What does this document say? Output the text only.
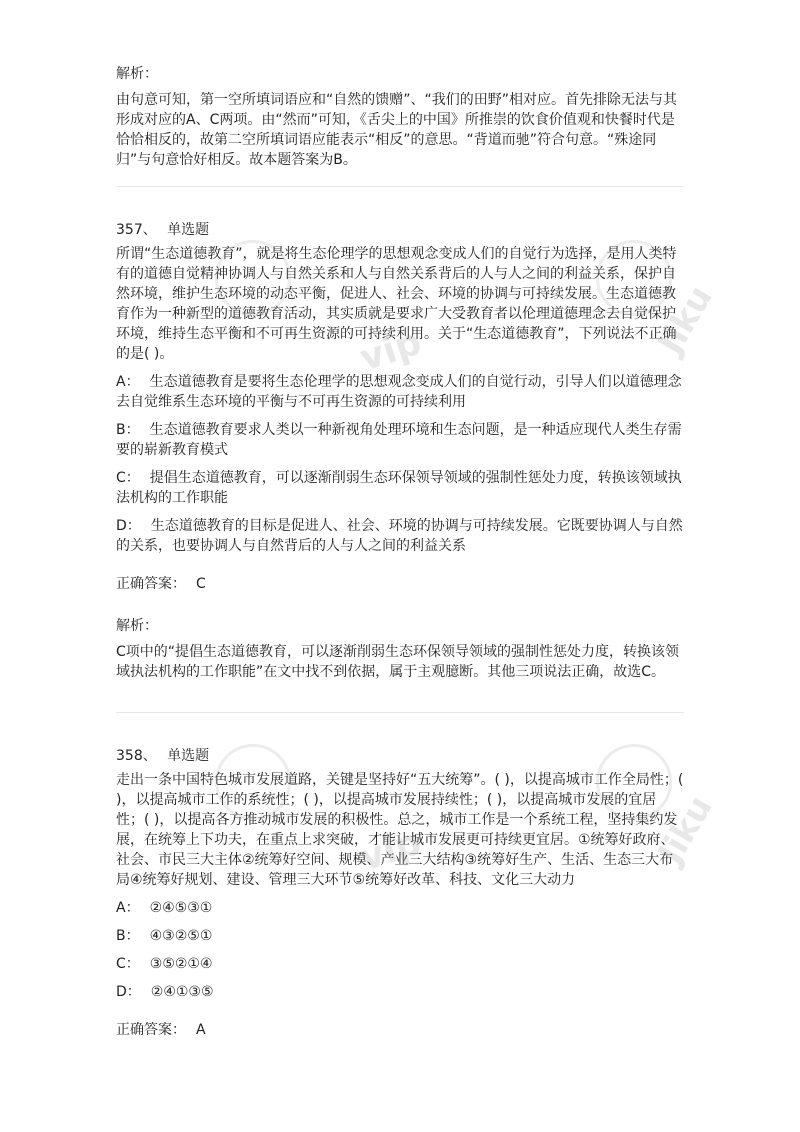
解析：

由句意可知，第一空所填词语应和“自然的馈赠”、“我们的田野”相对应。首先排除无法与其形成对应的A、C两项。由“然而”可知，《舌尖上的中国》所推崇的饮食价值观和快餐时代是恰恰相反的，故第二空所填词语应能表示“相反”的意思。“背道而驰”符合句意。“殊途同归”与句意恰好相反。故本题答案为B。

357、 单选题

所谓“生态道德教育”，就是将生态伦理学的思想观念变成人们的自觉行为选择，是用人类特有的道德自觉精神协调人与自然关系和人与自然关系背后的人与人之间的利益关系，保护自然环境，维护生态环境的动态平衡，促进人、社会、环境的协调与可持续发展。生态道德教育作为一种新型的道德教育活动，其实质就是要求广大受教育者以伦理道德理念去自觉保护环境，维持生态平衡和不可再生资源的可持续利用。关于“生态道德教育”，下列说法不正确的是( )。

A： 生态道德教育是要将生态伦理学的思想观念变成人们的自觉行动，引导人们以道德理念去自觉维系生态环境的平衡与不可再生资源的可持续利用

B： 生态道德教育要求人类以一种新视角处理环境和生态问题，是一种适应现代人类生存需要的崭新教育模式

C： 提倡生态道德教育，可以逐渐削弱生态环保领导领域的强制性惩处力度，转换该领域执法机构的工作职能

D： 生态道德教育的目标是促进人、社会、环境的协调与可持续发展。它既要协调人与自然的关系，也要协调人与自然背后的人与人之间的利益关系

正确答案： C

解析：

C项中的“提倡生态道德教育，可以逐渐削弱生态环保领导领域的强制性惩处力度，转换该领域执法机构的工作职能”在文中找不到依据，属于主观臆断。其他三项说法正确，故选C。

358、 单选题

走出一条中国特色城市发展道路，关键是坚持好“五大统筹”。( )，以提高城市工作全局性；( )，以提高城市工作的系统性；( )，以提高城市发展持续性；( )，以提高城市发展的宜居性；( )，以提高各方推动城市发展的积极性。总之，城市工作是一个系统工程，坚持集约发展，在统筹上下功夫，在重点上求突破，才能让城市发展更可持续更宜居。①统筹好政府、社会、市民三大主体②统筹好空间、规模、产业三大结构③统筹好生产、生活、生态三大布局④统筹好规划、建设、管理三大环节⑤统筹好改革、科技、文化三大动力

A： ②④⑤③①

B： ④③②⑤①

C： ③⑤②①④

D： ②④①③⑤

正确答案： A

vip	Jiku
vip	Jiku
